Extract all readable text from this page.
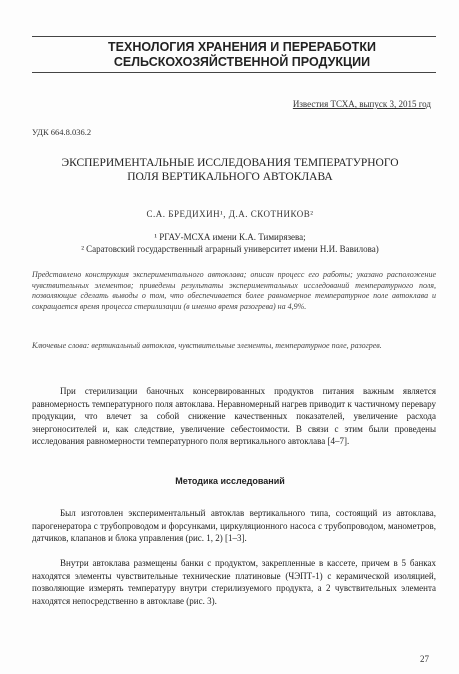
ТЕХНОЛОГИЯ ХРАНЕНИЯ И ПЕРЕРАБОТКИ СЕЛЬСКОХОЗЯЙСТВЕННОЙ ПРОДУКЦИИ
Известия ТСХА, выпуск 3, 2015 год
УДК 664.8.036.2
ЭКСПЕРИМЕНТАЛЬНЫЕ ИССЛЕДОВАНИЯ ТЕМПЕРАТУРНОГО ПОЛЯ ВЕРТИКАЛЬНОГО АВТОКЛАВА
С.А. БРЕДИХИН¹, Д.А. СКОТНИКОВ²
¹ РГАУ-МСХА имени К.А. Тимирязева;
² Саратовский государственный аграрный университет имени Н.И. Вавилова)
Представлено конструкция экспериментального автоклава; описан процесс его работы; указано расположение чувствительных элементов; приведены результаты экспериментальных исследований температурного поля, позволяющие сделать выводы о том, что обеспечивается более равномерное температурное поле автоклава и сокращается время процесса стерилизации (в именно время разогрева) на 4,9%.
Ключевые слова: вертикальный автоклав, чувствительные элементы, температурное поле, разогрев.
При стерилизации баночных консервированных продуктов питания важным является равномерность температурного поля автоклава. Неравномерный нагрев приводит к частичному перевару продукции, что влечет за собой снижение качественных показателей, увеличение расхода энергоносителей и, как следствие, увеличение себестоимости. В связи с этим были проведены исследования равномерности температурного поля вертикального автоклава [4–7].
Методика исследований
Был изготовлен экспериментальный автоклав вертикального типа, состоящий из автоклава, парогенератора с трубопроводом и форсунками, циркуляционного насоса с трубопроводом, манометров, датчиков, клапанов и блока управления (рис. 1, 2) [1–3].
Внутри автоклава размещены банки с продуктом, закрепленные в кассете, причем в 5 банках находятся элементы чувствительные технические платиновые (ЧЭПТ-1) с керамической изоляцией, позволяющие измерять температуру внутри стерилизуемого продукта, а 2 чувствительных элемента находятся непосредственно в автоклаве (рис. 3).
27
